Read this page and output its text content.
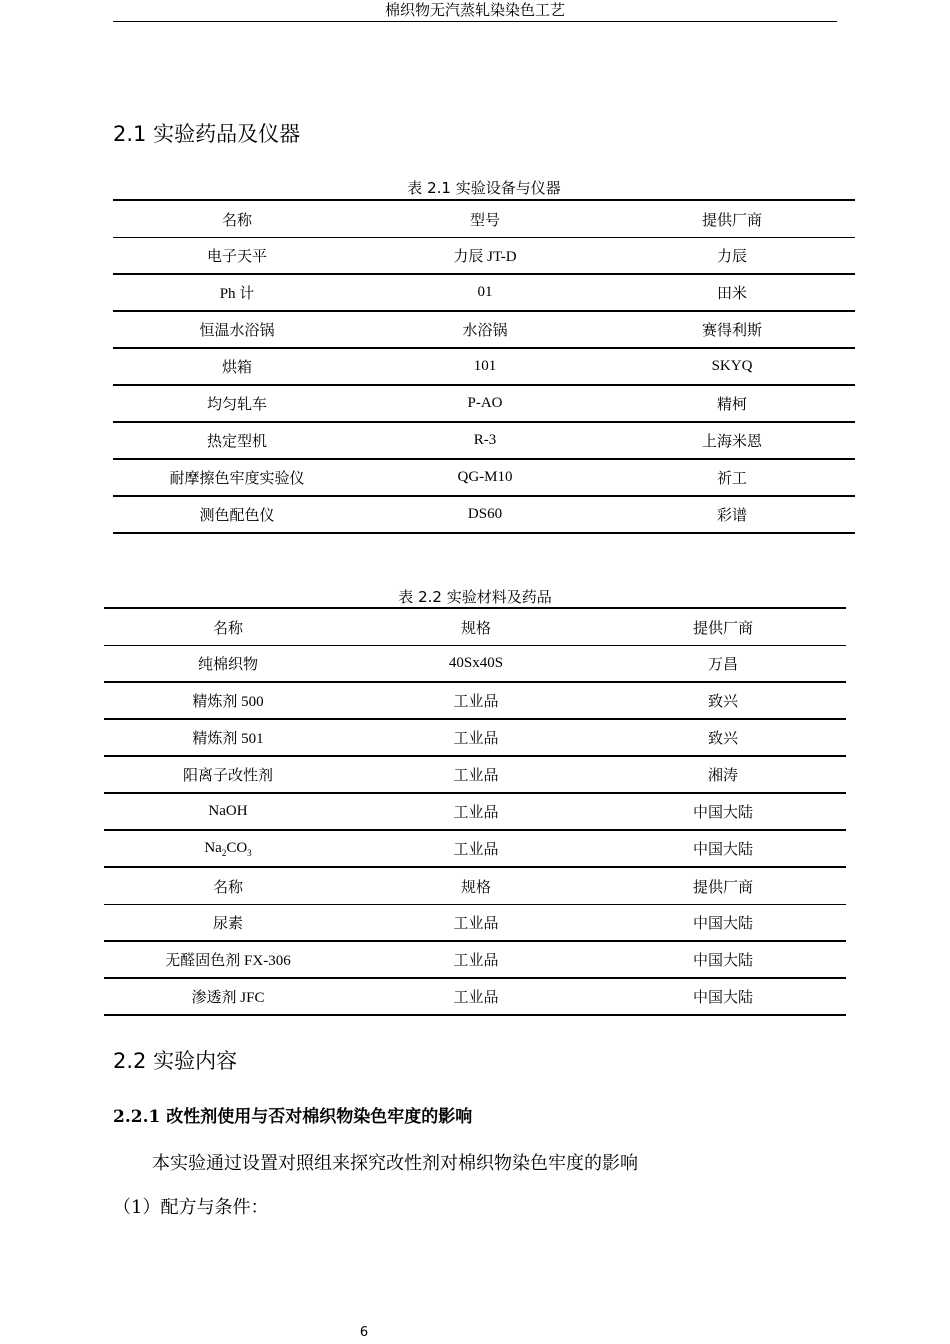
棉织物无汽蒸轧染染色工艺
2.1 实验药品及仪器
表 2.1 实验设备与仪器
名称	型号	提供厂商
电子天平	力辰 JT-D	力辰
Ph 计	01	田米
恒温水浴锅	水浴锅	赛得利斯
烘箱	101	SKYQ
均匀轧车	P-AO	精柯
热定型机	R-3	上海米恩
耐摩擦色牢度实验仪	QG-M10	祈工
测色配色仪	DS60	彩谱
表 2.2 实验材料及药品
名称	规格	提供厂商
纯棉织物	40Sx40S	万昌
精炼剂 500	工业品	致兴
精炼剂 501	工业品	致兴
阳离子改性剂	工业品	湘涛
NaOH	工业品	中国大陆
$Na_2CO_3$	工业品	中国大陆
名称	规格	提供厂商
尿素	工业品	中国大陆
无醛固色剂 FX-306	工业品	中国大陆
渗透剂 JFC	工业品	中国大陆
2.2 实验内容
2.2.1 改性剂使用与否对棉织物染色牢度的影响
本实验通过设置对照组来探究改性剂对棉织物染色牢度的影响
（1）配方与条件：
6
